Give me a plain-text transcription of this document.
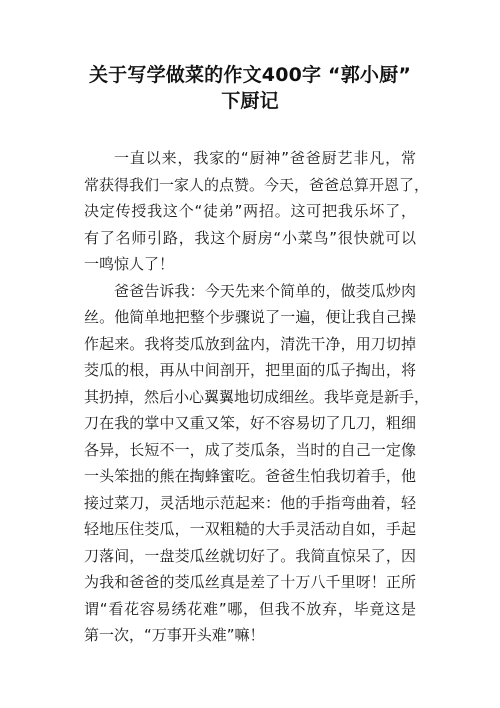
关于写学做菜的作文400字 “郭小厨”
下厨记
一直以来，我家的“厨神”爸爸厨艺非凡，常
常获得我们一家人的点赞。今天，爸爸总算开恩了，
决定传授我这个“徒弟”两招。这可把我乐坏了，
有了名师引路，我这个厨房“小菜鸟”很快就可以
一鸣惊人了！
爸爸告诉我：今天先来个简单的，做茭瓜炒肉
丝。他简单地把整个步骤说了一遍，便让我自己操
作起来。我将茭瓜放到盆内，清洗干净，用刀切掉
茭瓜的根，再从中间剖开，把里面的瓜子掏出，将
其扔掉，然后小心翼翼地切成细丝。我毕竟是新手，
刀在我的掌中又重又笨，好不容易切了几刀，粗细
各异，长短不一，成了茭瓜条，当时的自己一定像
一头笨拙的熊在掏蜂蜜吃。爸爸生怕我切着手，他
接过菜刀，灵活地示范起来：他的手指弯曲着，轻
轻地压住茭瓜，一双粗糙的大手灵活动自如，手起
刀落间，一盘茭瓜丝就切好了。我简直惊呆了，因
为我和爸爸的茭瓜丝真是差了十万八千里呀！正所
谓“看花容易绣花难”哪，但我不放弃，毕竟这是
第一次，“万事开头难”嘛！
